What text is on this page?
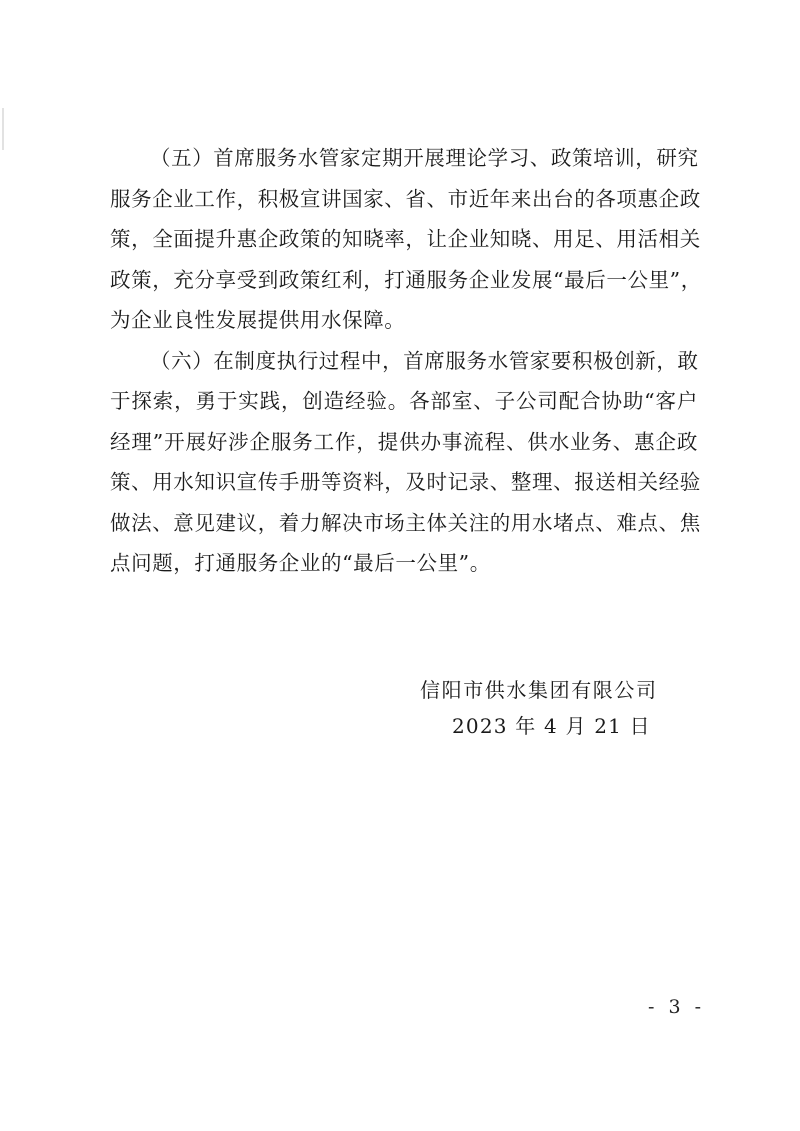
（五）首席服务水管家定期开展理论学习、政策培训，研究
服务企业工作，积极宣讲国家、省、市近年来出台的各项惠企政
策，全面提升惠企政策的知晓率，让企业知晓、用足、用活相关
政策，充分享受到政策红利，打通服务企业发展“最后一公里”，
为企业良性发展提供用水保障。
（六）在制度执行过程中，首席服务水管家要积极创新，敢
于探索，勇于实践，创造经验。各部室、子公司配合协助“客户
经理”开展好涉企服务工作，提供办事流程、供水业务、惠企政
策、用水知识宣传手册等资料，及时记录、整理、报送相关经验
做法、意见建议，着力解决市场主体关注的用水堵点、难点、焦
点问题，打通服务企业的“最后一公里”。
信阳市供水集团有限公司
2023 年 4 月 21 日
- 3 -
